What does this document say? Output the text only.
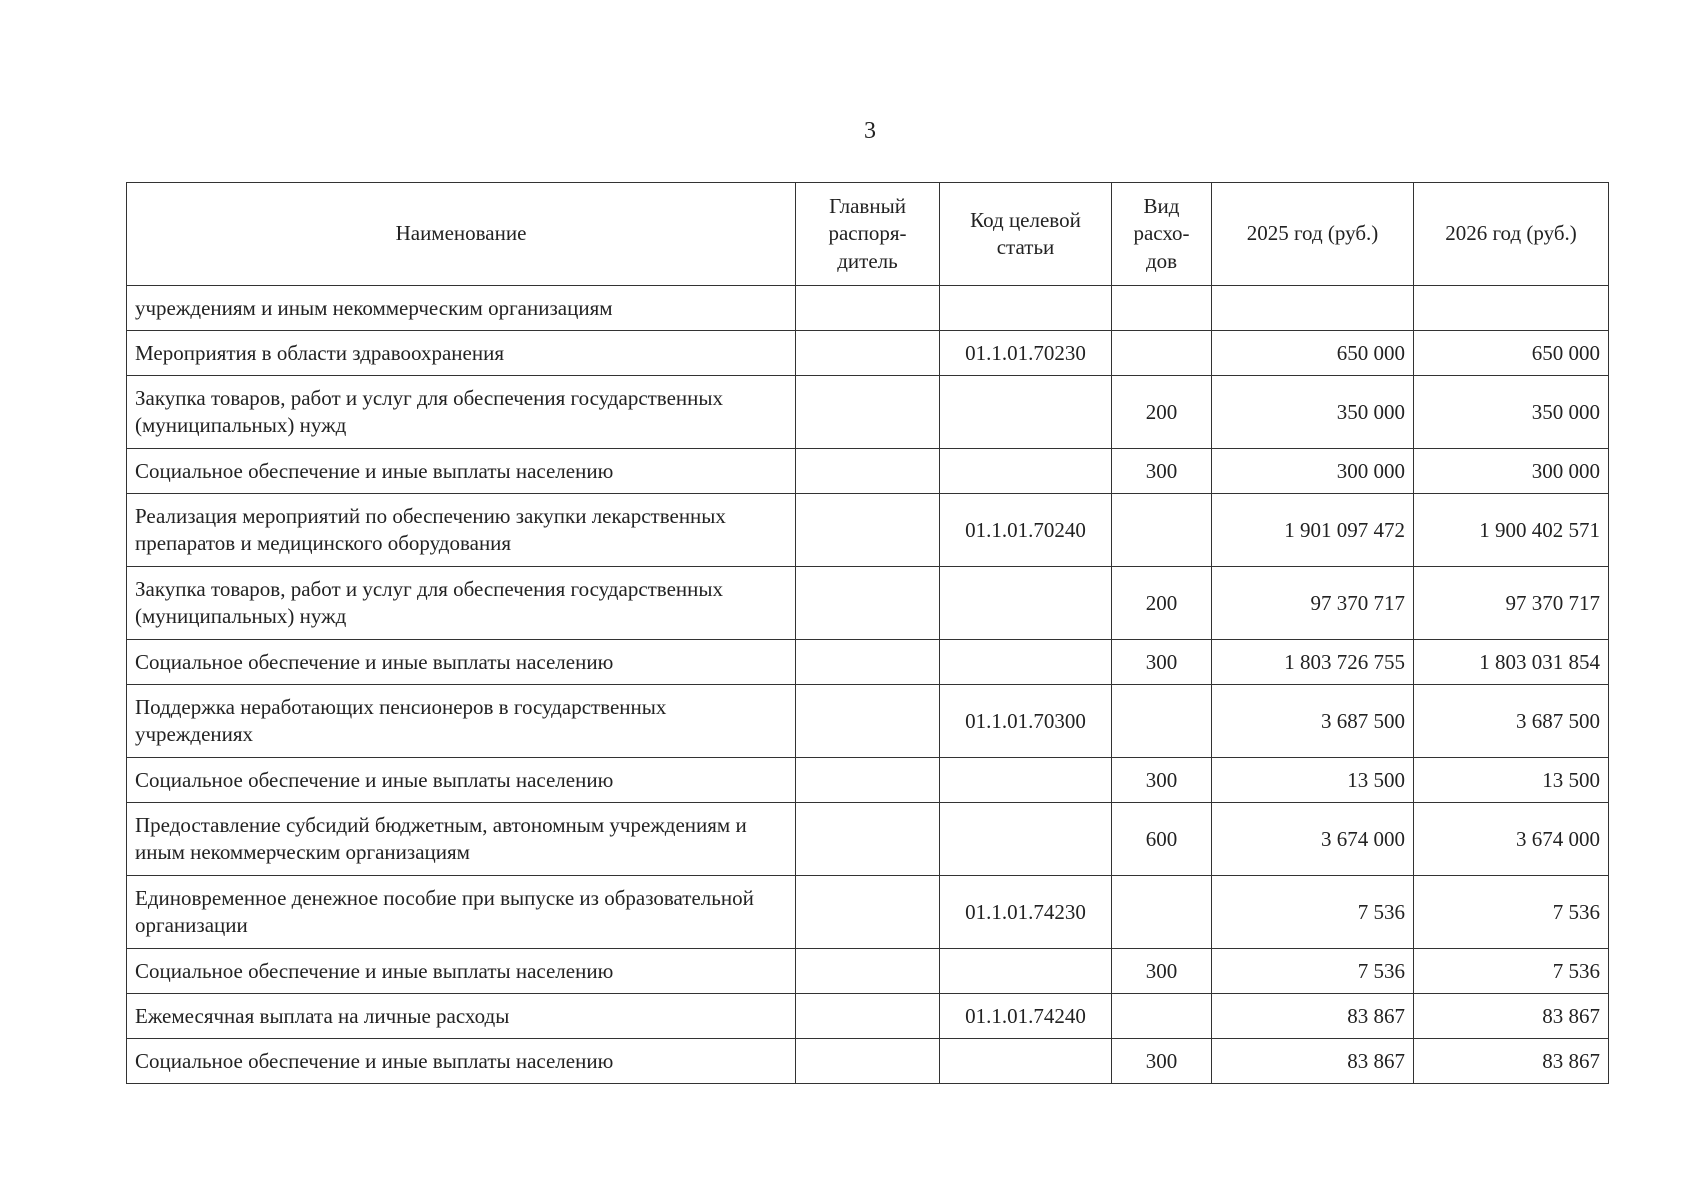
3
Наименование	Главный распоря-дитель	Код целевой статьи	Вид расхо-дов	2025 год (руб.)	2026 год (руб.)
учреждениям и иным некоммерческим организациям					
Мероприятия в области здравоохранения		01.1.01.70230		650 000	650 000
Закупка товаров, работ и услуг для обеспечения государственных (муниципальных) нужд			200	350 000	350 000
Социальное обеспечение и иные выплаты населению			300	300 000	300 000
Реализация мероприятий по обеспечению закупки лекарственных препаратов и медицинского оборудования		01.1.01.70240		1 901 097 472	1 900 402 571
Закупка товаров, работ и услуг для обеспечения государственных (муниципальных) нужд			200	97 370 717	97 370 717
Социальное обеспечение и иные выплаты населению			300	1 803 726 755	1 803 031 854
Поддержка неработающих пенсионеров в государственных учреждениях		01.1.01.70300		3 687 500	3 687 500
Социальное обеспечение и иные выплаты населению			300	13 500	13 500
Предоставление субсидий бюджетным, автономным учреждениям и иным некоммерческим организациям			600	3 674 000	3 674 000
Единовременное денежное пособие при выпуске из образовательной организации		01.1.01.74230		7 536	7 536
Социальное обеспечение и иные выплаты населению			300	7 536	7 536
Ежемесячная выплата на личные расходы		01.1.01.74240		83 867	83 867
Социальное обеспечение и иные выплаты населению			300	83 867	83 867
